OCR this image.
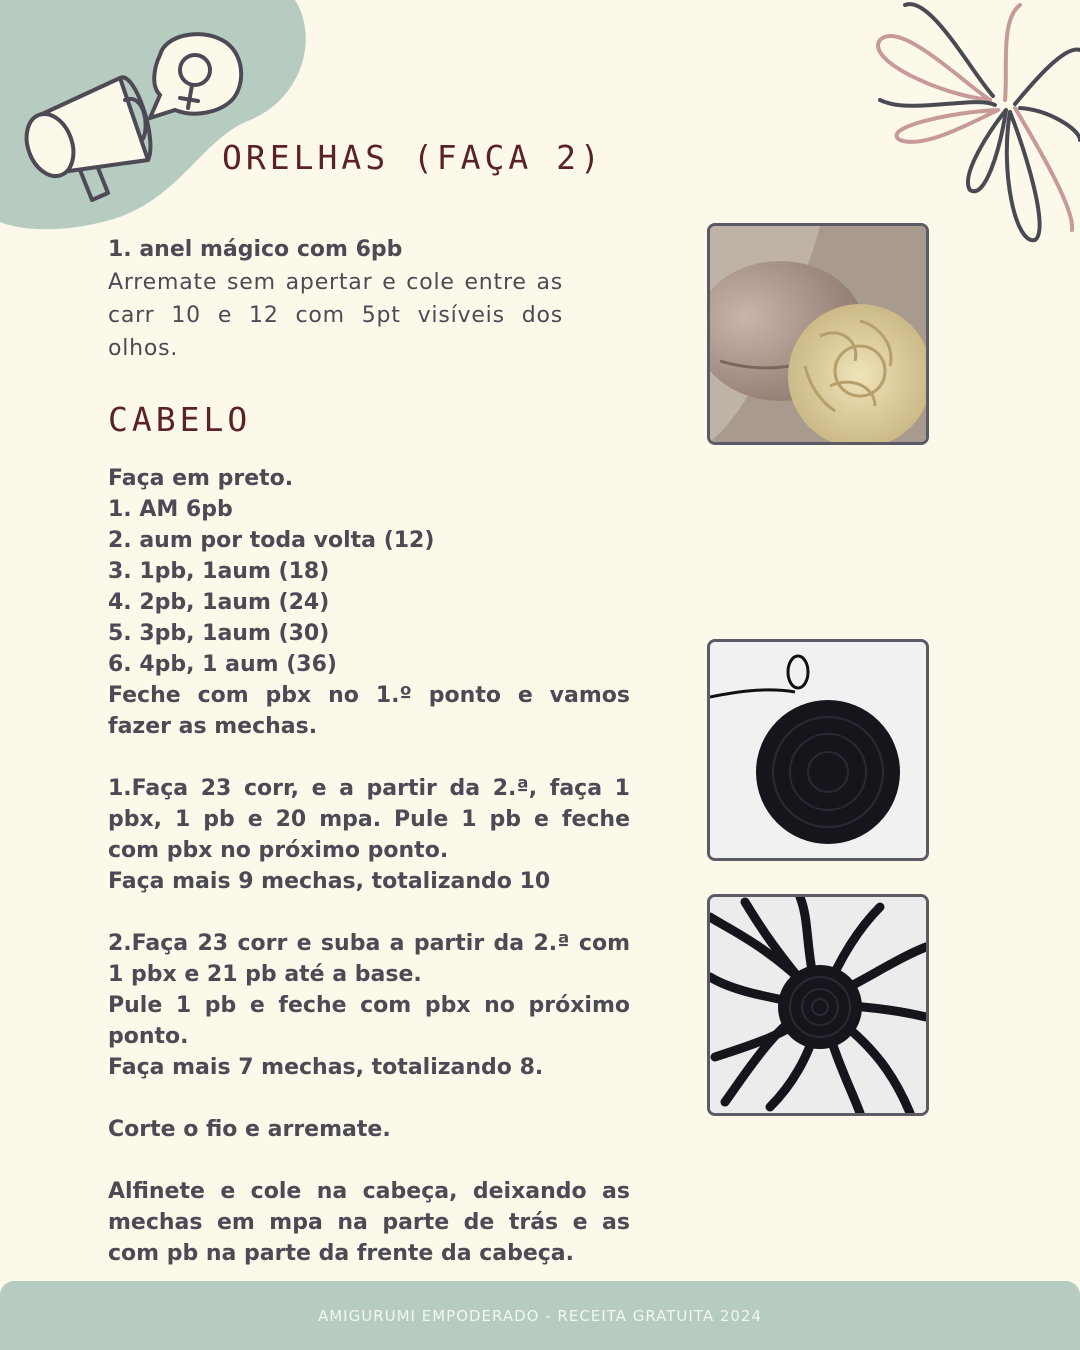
ORELHAS (FAÇA 2)
1. anel mágico com 6pb
Arremate sem apertar e cole entre as carr 10 e 12 com 5pt visíveis dos olhos.
CABELO

Faça em preto.

1. AM 6pb

2. aum por toda volta (12)

3. 1pb, 1aum (18)

4. 2pb, 1aum (24)

5. 3pb, 1aum (30)

6. 4pb, 1 aum (36)

Feche com pbx no 1.º ponto e vamos fazer as mechas.

1.Faça 23 corr, e a partir da 2.ª, faça 1 pbx, 1 pb e 20 mpa. Pule 1 pb e feche com pbx no próximo ponto.

Faça mais 9 mechas, totalizando 10

2.Faça 23 corr e suba a partir da 2.ª com 1 pbx e 21 pb até a base.

Pule 1 pb e feche com pbx no próximo ponto.

Faça mais 7 mechas, totalizando 8.

Corte o fio e arremate.

Alfinete e cole na cabeça, deixando as mechas em mpa na parte de trás e as com pb na parte da frente da cabeça.

AMIGURUMI EMPODERADO - RECEITA GRATUITA 2024
